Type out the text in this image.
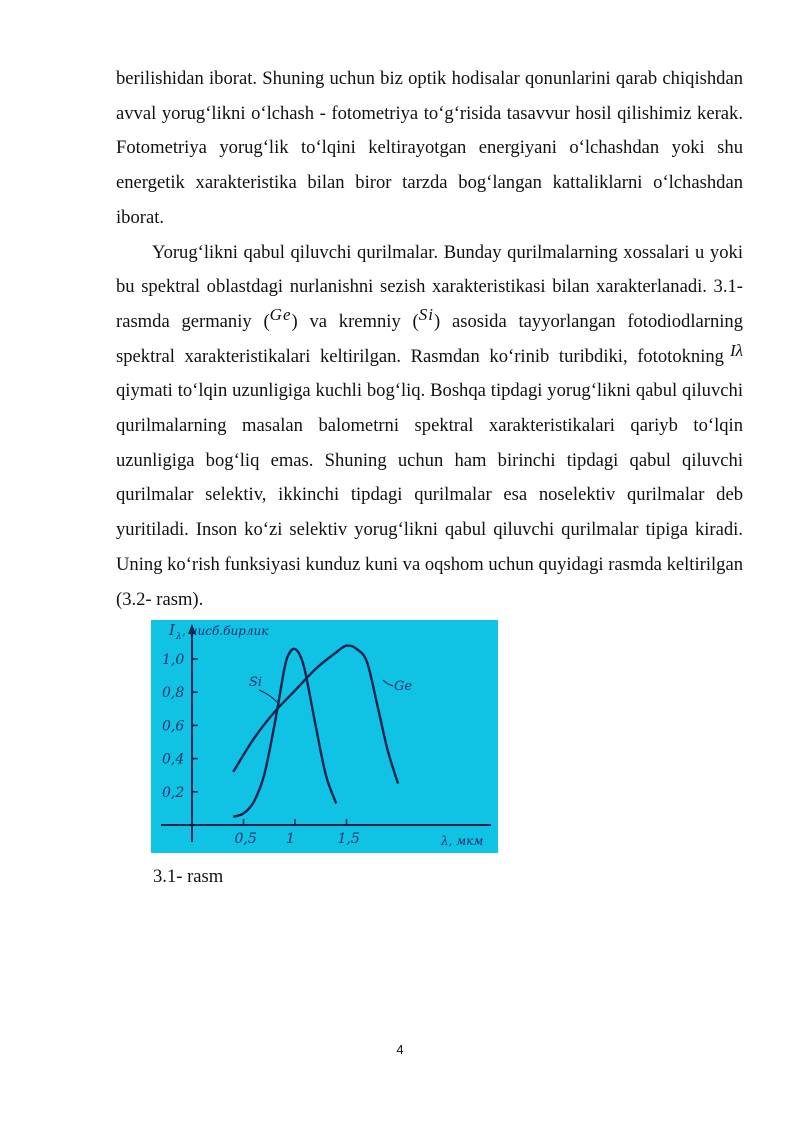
berilishidan iborat. Shuning uchun biz optik hodisalar qonunlarini qarab chiqishdan avval yorug‘likni o‘lchash - fotometriya to‘g‘risida tasavvur hosil qilishimiz kerak. Fotometriya yorug‘lik to‘lqini keltirayotgan energiyani o‘lchashdan yoki shu energetik xarakteristika bilan biror tarzda bog‘langan kattaliklarni o‘lchashdan iborat.

Yorug‘likni qabul qiluvchi qurilmalar. Bunday qurilmalarning xossalari u yoki bu spektral oblastdagi nurlanishni sezish xarakteristikasi bilan xarakterlanadi. 3.1-rasmda germaniy (Ge) va kremniy (Si) asosida tayyorlangan fotodiodlarning spektral xarakteristikalari keltirilgan. Rasmdan ko‘rinib turibdiki, fototokning Iλ qiymati to‘lqin uzunligiga kuchli bog‘liq. Boshqa tipdagi yorug‘likni qabul qiluvchi qurilmalarning masalan balometrni spektral xarakteristikalari qariyb to‘lqin uzunligiga bog‘liq emas. Shuning uchun ham birinchi tipdagi qabul qiluvchi qurilmalar selektiv, ikkinchi tipdagi qurilmalar esa noselektiv qurilmalar deb yuritiladi. Inson ko‘zi selektiv yorug‘likni qabul qiluvchi qurilmalar tipiga kiradi. Uning ko‘rish funksiyasi kunduz kuni va oqshom uchun quyidagi rasmda keltirilgan (3.2- rasm).

0,2
0,4
0,6
0,8
1,0
0,5 1	1,5
I λ , нисб.бирлик
λ, мкм
Si	Ge
3.1- rasm
4
